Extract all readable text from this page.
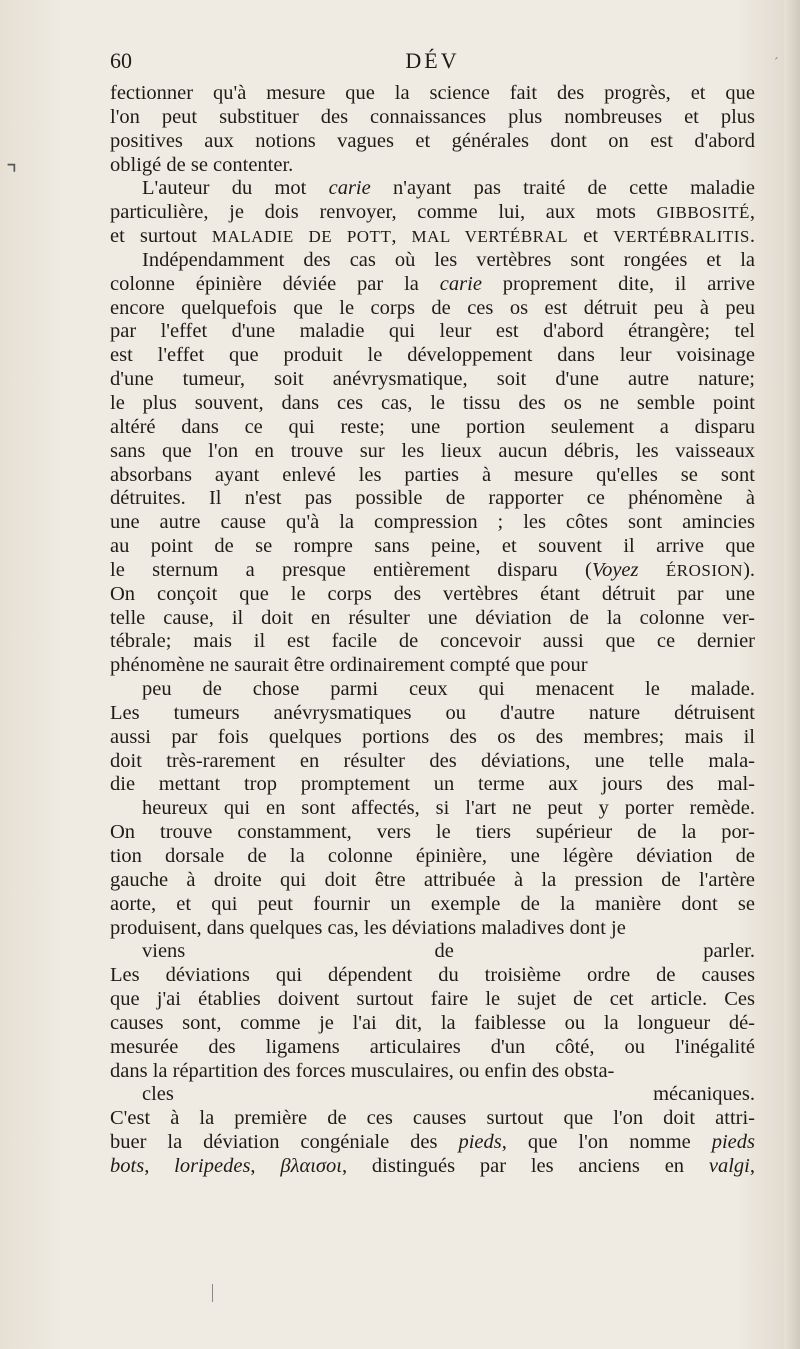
ˊ
⌝
60	DÉV
fectionner qu'à mesure que la science fait des progrès, et que
l'on peut substituer des connaissances plus nombreuses et plus
positives aux notions vagues et générales dont on est d'abord
obligé de se contenter.
L'auteur du mot carie n'ayant pas traité de cette maladie
particulière, je dois renvoyer, comme lui, aux mots GIBBOSITÉ,
et surtout MALADIE DE POTT, MAL VERTÉBRAL et VERTÉBRALITIS.
Indépendamment des cas où les vertèbres sont rongées et la
colonne épinière déviée par la carie proprement dite, il arrive
encore quelquefois que le corps de ces os est détruit peu à peu
par l'effet d'une maladie qui leur est d'abord étrangère; tel
est l'effet que produit le développement dans leur voisinage
d'une tumeur, soit anévrysmatique, soit d'une autre nature;
le plus souvent, dans ces cas, le tissu des os ne semble point
altéré dans ce qui reste; une portion seulement a disparu
sans que l'on en trouve sur les lieux aucun débris, les vaisseaux
absorbans ayant enlevé les parties à mesure qu'elles se sont
détruites. Il n'est pas possible de rapporter ce phénomène à
une autre cause qu'à la compression ; les côtes sont amincies
au point de se rompre sans peine, et souvent il arrive que
le sternum a presque entièrement disparu (Voyez ÉROSION).
On conçoit que le corps des vertèbres étant détruit par une
telle cause, il doit en résulter une déviation de la colonne ver-
tébrale; mais il est facile de concevoir aussi que ce dernier
phénomène ne saurait être ordinairement compté que pour
peu de chose parmi ceux qui menacent le malade.
Les tumeurs anévrysmatiques ou d'autre nature détruisent
aussi par fois quelques portions des os des membres; mais il
doit très-rarement en résulter des déviations, une telle mala-
die mettant trop promptement un terme aux jours des mal-
heureux qui en sont affectés, si l'art ne peut y porter remède.
On trouve constamment, vers le tiers supérieur de la por-
tion dorsale de la colonne épinière, une légère déviation de
gauche à droite qui doit être attribuée à la pression de l'artère
aorte, et qui peut fournir un exemple de la manière dont se
produisent, dans quelques cas, les déviations maladives dont je
viens de parler.
Les déviations qui dépendent du troisième ordre de causes
que j'ai établies doivent surtout faire le sujet de cet article. Ces
causes sont, comme je l'ai dit, la faiblesse ou la longueur dé-
mesurée des ligamens articulaires d'un côté, ou l'inégalité
dans la répartition des forces musculaires, ou enfin des obsta-
cles mécaniques.
C'est à la première de ces causes surtout que l'on doit attri-
buer la déviation congéniale des pieds, que l'on nomme pieds
bots, loripedes, βλαισοι, distingués par les anciens en valgi,
